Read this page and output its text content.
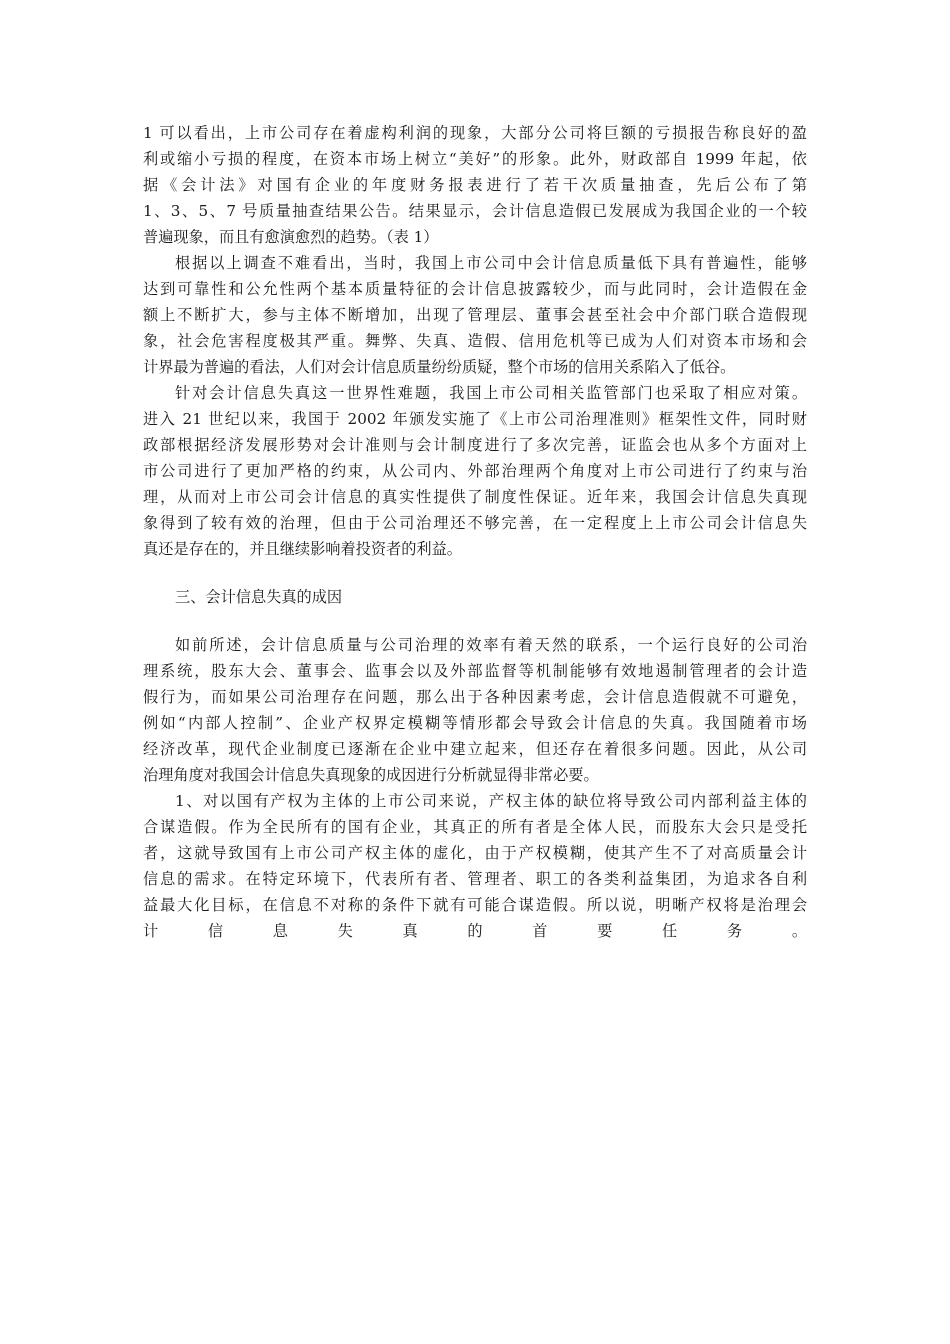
1 可以看出，上市公司存在着虚构利润的现象，大部分公司将巨额的亏损报告称良好的盈
利或缩小亏损的程度，在资本市场上树立“美好”的形象。此外，财政部自 1999 年起，依
据《会计法》对国有企业的年度财务报表进行了若干次质量抽查，先后公布了第
1、3、5、7 号质量抽查结果公告。结果显示，会计信息造假已发展成为我国企业的一个较
普遍现象，而且有愈演愈烈的趋势。（表 1）
根据以上调查不难看出，当时，我国上市公司中会计信息质量低下具有普遍性，能够
达到可靠性和公允性两个基本质量特征的会计信息披露较少，而与此同时，会计造假在金
额上不断扩大，参与主体不断增加，出现了管理层、董事会甚至社会中介部门联合造假现
象，社会危害程度极其严重。舞弊、失真、造假、信用危机等已成为人们对资本市场和会
计界最为普遍的看法，人们对会计信息质量纷纷质疑，整个市场的信用关系陷入了低谷。
针对会计信息失真这一世界性难题，我国上市公司相关监管部门也采取了相应对策。
进入 21 世纪以来，我国于 2002 年颁发实施了《上市公司治理准则》框架性文件，同时财
政部根据经济发展形势对会计准则与会计制度进行了多次完善，证监会也从多个方面对上
市公司进行了更加严格的约束，从公司内、外部治理两个角度对上市公司进行了约束与治
理，从而对上市公司会计信息的真实性提供了制度性保证。近年来，我国会计信息失真现
象得到了较有效的治理，但由于公司治理还不够完善，在一定程度上上市公司会计信息失
真还是存在的，并且继续影响着投资者的利益。
三、会计信息失真的成因
如前所述，会计信息质量与公司治理的效率有着天然的联系，一个运行良好的公司治
理系统，股东大会、董事会、监事会以及外部监督等机制能够有效地遏制管理者的会计造
假行为，而如果公司治理存在问题，那么出于各种因素考虑，会计信息造假就不可避免，
例如“内部人控制”、企业产权界定模糊等情形都会导致会计信息的失真。我国随着市场
经济改革，现代企业制度已逐渐在企业中建立起来，但还存在着很多问题。因此，从公司
治理角度对我国会计信息失真现象的成因进行分析就显得非常必要。
1、对以国有产权为主体的上市公司来说，产权主体的缺位将导致公司内部利益主体的
合谋造假。作为全民所有的国有企业，其真正的所有者是全体人民，而股东大会只是受托
者，这就导致国有上市公司产权主体的虚化，由于产权模糊，使其产生不了对高质量会计
信息的需求。在特定环境下，代表所有者、管理者、职工的各类利益集团，为追求各自利
益最大化目标，在信息不对称的条件下就有可能合谋造假。所以说，明晰产权将是治理会
计信息失真的首要任务。
